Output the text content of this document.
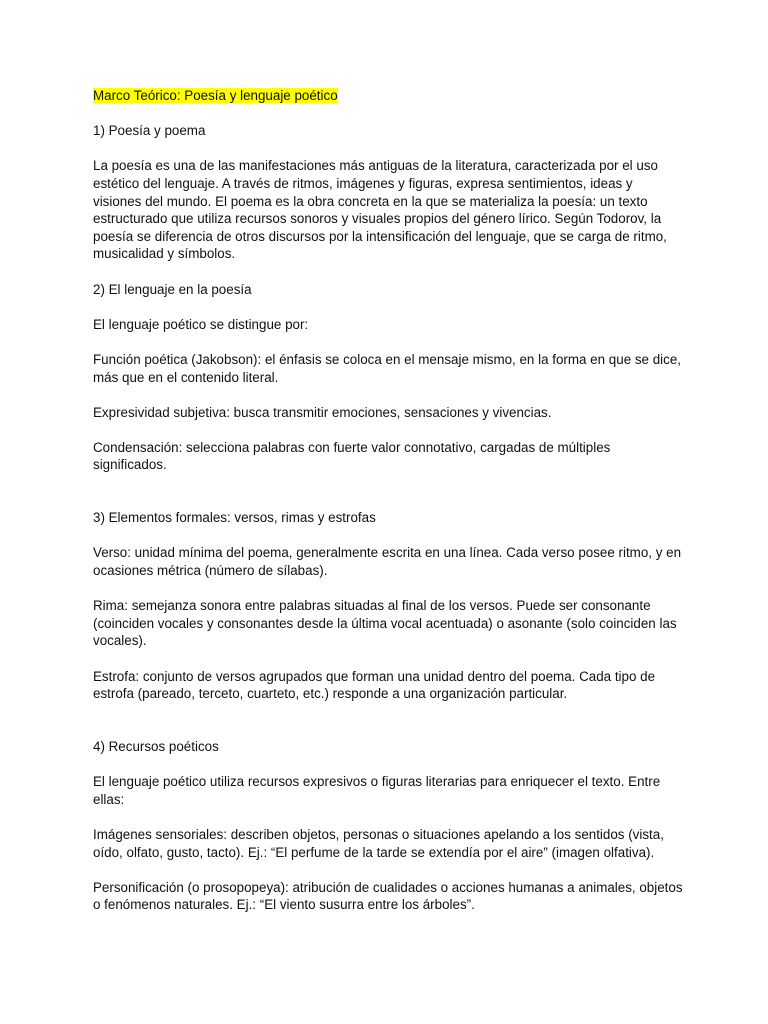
Marco Teórico: Poesía y lenguaje poético

1) Poesía y poema

La poesía es una de las manifestaciones más antiguas de la literatura, caracterizada por el uso estético del lenguaje. A través de ritmos, imágenes y figuras, expresa sentimientos, ideas y visiones del mundo. El poema es la obra concreta en la que se materializa la poesía: un texto estructurado que utiliza recursos sonoros y visuales propios del género lírico. Según Todorov, la poesía se diferencia de otros discursos por la intensificación del lenguaje, que se carga de ritmo, musicalidad y símbolos.

2) El lenguaje en la poesía

El lenguaje poético se distingue por:

Función poética (Jakobson): el énfasis se coloca en el mensaje mismo, en la forma en que se dice, más que en el contenido literal.

Expresividad subjetiva: busca transmitir emociones, sensaciones y vivencias.

Condensación: selecciona palabras con fuerte valor connotativo, cargadas de múltiples significados.

3) Elementos formales: versos, rimas y estrofas

Verso: unidad mínima del poema, generalmente escrita en una línea. Cada verso posee ritmo, y en ocasiones métrica (número de sílabas).

Rima: semejanza sonora entre palabras situadas al final de los versos. Puede ser consonante (coinciden vocales y consonantes desde la última vocal acentuada) o asonante (solo coinciden las vocales).

Estrofa: conjunto de versos agrupados que forman una unidad dentro del poema. Cada tipo de estrofa (pareado, terceto, cuarteto, etc.) responde a una organización particular.

4) Recursos poéticos

El lenguaje poético utiliza recursos expresivos o figuras literarias para enriquecer el texto. Entre ellas:

Imágenes sensoriales: describen objetos, personas o situaciones apelando a los sentidos (vista, oído, olfato, gusto, tacto). Ej.: “El perfume de la tarde se extendía por el aire” (imagen olfativa).

Personificación (o prosopopeya): atribución de cualidades o acciones humanas a animales, objetos o fenómenos naturales. Ej.: “El viento susurra entre los árboles”.
